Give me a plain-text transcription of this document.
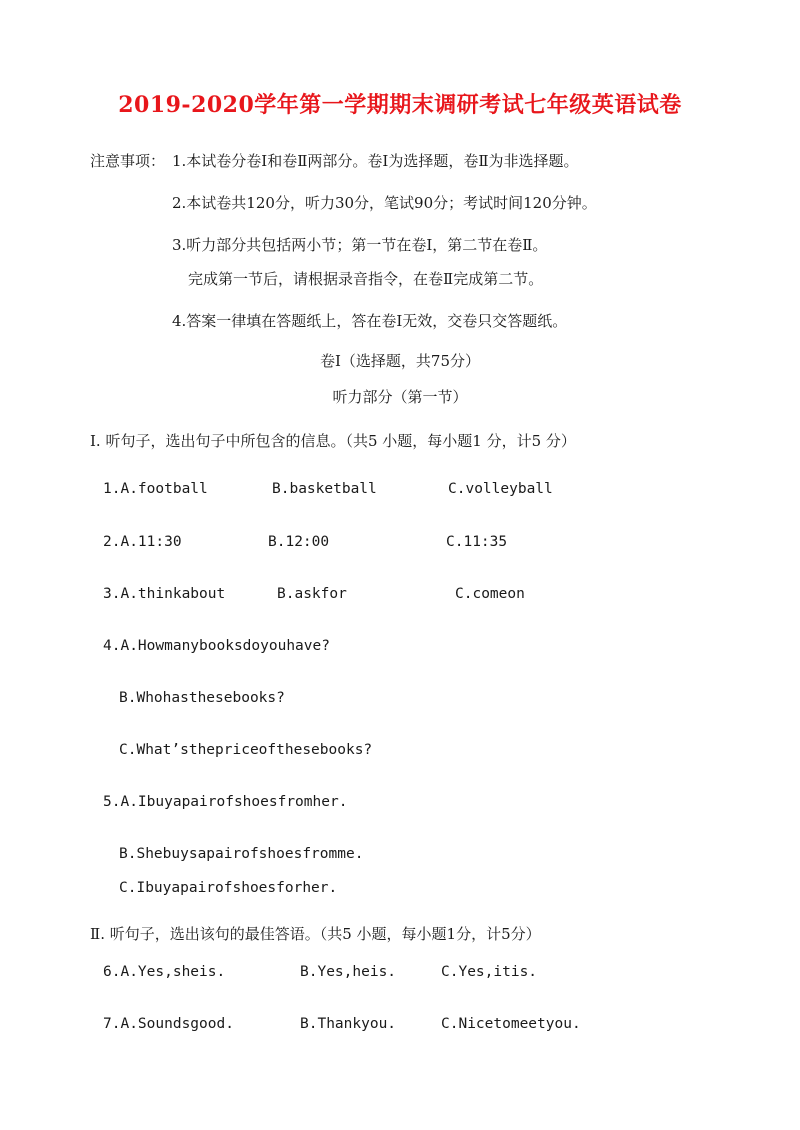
2019-2020学年第一学期期末调研考试七年级英语试卷
注意事项： 1.本试卷分卷Ⅰ和卷Ⅱ两部分。卷Ⅰ为选择题，卷Ⅱ为非选择题。
2.本试卷共120分，听力30分，笔试90分；考试时间120分钟。
3.听力部分共包括两小节；第一节在卷Ⅰ，第二节在卷Ⅱ。
完成第一节后，请根据录音指令，在卷Ⅱ完成第二节。
4.答案一律填在答题纸上，答在卷Ⅰ无效，交卷只交答题纸。
卷Ⅰ（选择题，共75分）
听力部分（第一节）
Ⅰ. 听句子，选出句子中所包含的信息。（共5 小题，每小题1 分，计5 分）
1.A.football	B.basketball	C.volleyball
2.A.11:30	B.12:00	C.11:35
3.A.thinkabout	B.askfor	C.comeon
4.A.Howmanybooksdoyouhave?
B.Whohasthesebooks?
C.What’sthepriceofthesebooks?
5.A.Ibuyapairofshoesfromher.
B.Shebuysapairofshoesfromme.
C.Ibuyapairofshoesforher.
Ⅱ. 听句子，选出该句的最佳答语。（共5 小题，每小题1分，计5分）
6.A.Yes,sheis.	B.Yes,heis.	C.Yes,itis.
7.A.Soundsgood.	B.Thankyou.	C.Nicetomeetyou.
